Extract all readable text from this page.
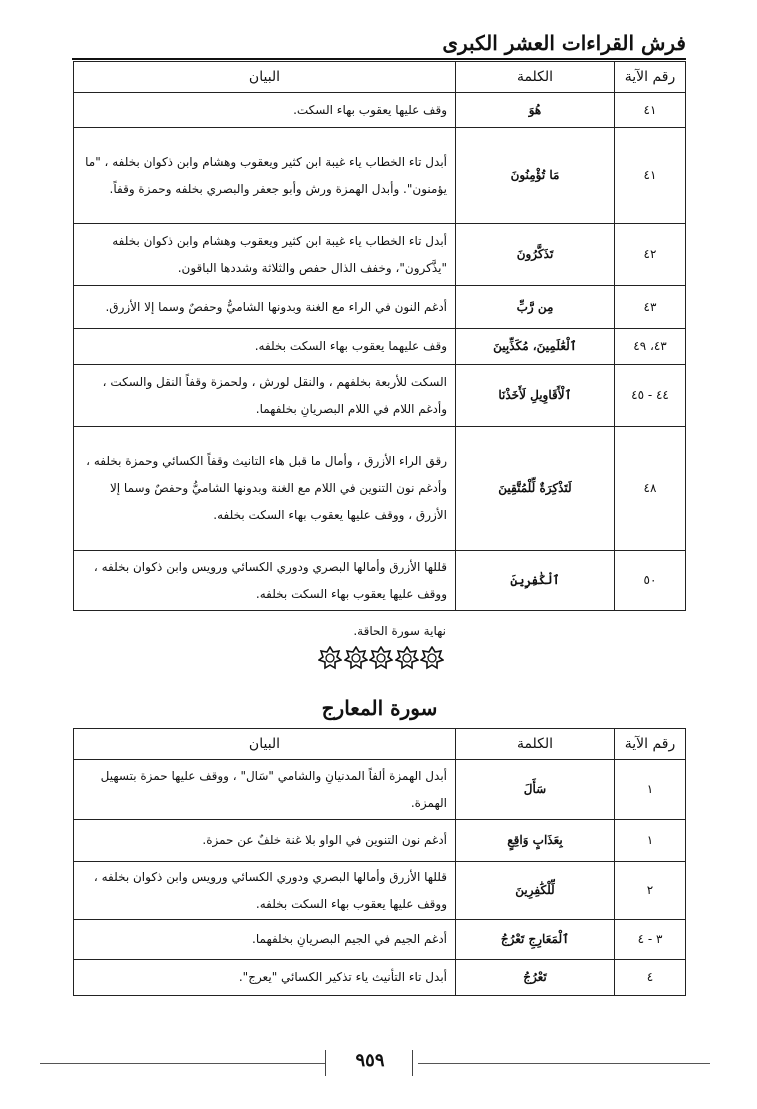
فرش القراءات العشر الكبرى
رقم الآية	الكلمة	البيان
٤١	هُوَ	وقف عليها يعقوب بهاء السكت.
٤١	مَا تُؤْمِنُونَ	أبدل تاء الخطاب ياء غيبة ابن كثير ويعقوب وهشام وابن ذكوان بخلفه ، "ما يؤمنون". وأبدل الهمزة ورش وأبو جعفر والبصري بخلفه وحمزة وقفاً.
٤٢	تَذَكَّرُونَ	أبدل تاء الخطاب ياء غيبة ابن كثير ويعقوب وهشام وابن ذكوان بخلفه "يذَّكرون"، وخفف الذال حفص والثلاثة وشددها الباقون.
٤٣	مِن رَّبِّ	أدغم النون في الراء مع الغنة وبدونها الشاميُّ وحفصٌ وسما إلا الأزرق.
٤٣، ٤٩	ٱلْعَٰلَمِينَ، مُكَذِّبِينَ	وقف عليهما يعقوب بهاء السكت بخلفه.
٤٤ - ٤٥	ٱلْأَقَاوِيلِ لَأَخَذْنَا	السكت للأربعة بخلفهم ، والنقل لورش ، ولحمزة وقفاً النقل والسكت ، وأدغم اللام في اللام البصريانِ بخلفهما.
٤٨	لَتَذْكِرَةٌ لِّلْمُتَّقِينَ	رقق الراء الأزرق ، وأمال ما قبل هاء التانيث وقفاً الكسائي وحمزة بخلفه ، وأدغم نون التنوين في اللام مع الغنة وبدونها الشاميُّ وحفصٌ وسما إلا الأزرق ، ووقف عليها يعقوب بهاء السكت بخلفه.
٥٠	ٱلْكَٰفِرِينَ	قللها الأزرق وأمالها البصري ودوري الكسائي ورويس وابن ذكوان بخلفه ، ووقف عليها يعقوب بهاء السكت بخلفه.
نهاية سورة الحاقة.
سورة المعارج
رقم الآية	الكلمة	البيان
١	سَأَلَ	أبدل الهمزة ألفاً المدنيانِ والشامي "سَال" ، ووقف عليها حمزة بتسهيل الهمزة.
١	بِعَذَابٍ وَاقِعٍ	أدغم نون التنوين في الواو بلا غنة خلفٌ عن حمزة.
٢	لِّلْكَٰفِرِينَ	قللها الأزرق وأمالها البصري ودوري الكسائي ورويس وابن ذكوان بخلفه ، ووقف عليها يعقوب بهاء السكت بخلفه.
٣ - ٤	ٱلْمَعَارِجِ تَعْرُجُ	أدغم الجيم في الجيم البصريانِ بخلفهما.
٤	تَعْرُجُ	أبدل تاء التأنيث ياء تذكير الكسائي "يعرج".
٩٥٩
